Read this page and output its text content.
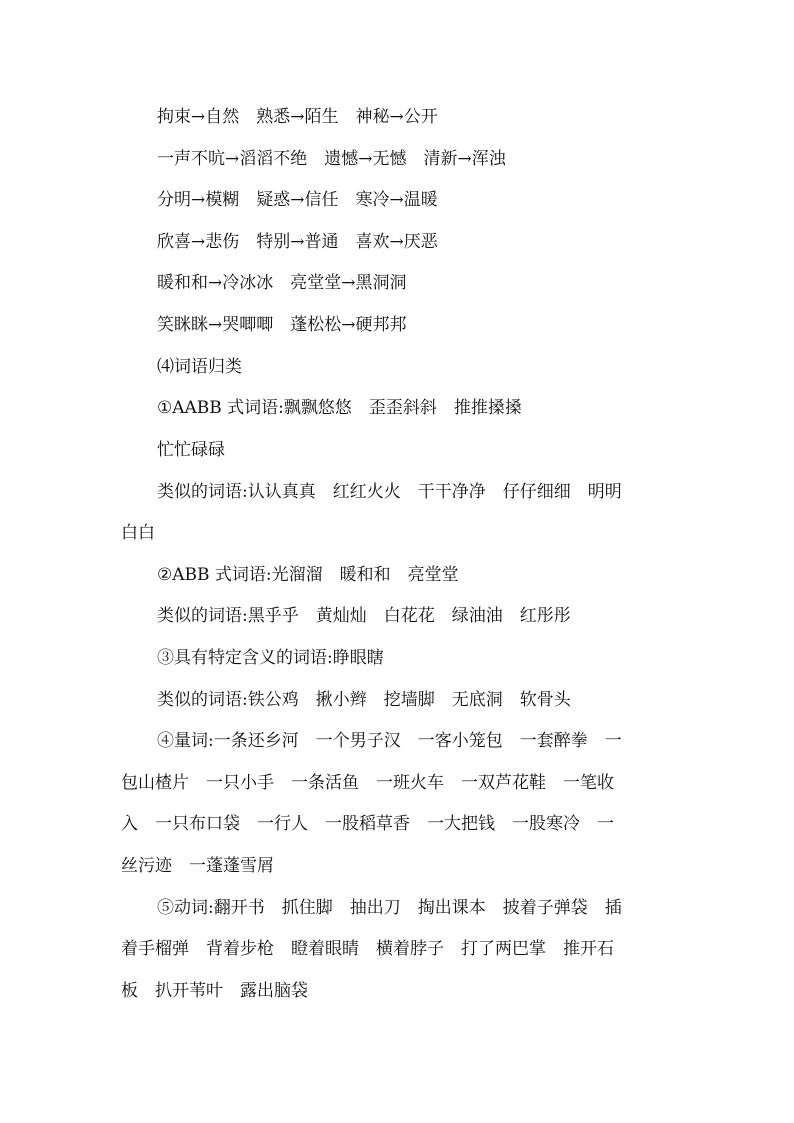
拘束→自然　熟悉→陌生　神秘→公开
一声不吭→滔滔不绝　遗憾→无憾　清新→浑浊
分明→模糊　疑惑→信任　寒冷→温暖
欣喜→悲伤　特别→普通　喜欢→厌恶
暖和和→冷冰冰　亮堂堂→黑洞洞
笑眯眯→哭唧唧　蓬松松→硬邦邦
⑷词语归类
①AABB 式词语:飘飘悠悠　歪歪斜斜　推推搡搡
忙忙碌碌
类似的词语:认认真真　红红火火　干干净净　仔仔细细　明明
白白
②ABB 式词语:光溜溜　暖和和　亮堂堂
类似的词语:黑乎乎　黄灿灿　白花花　绿油油　红彤彤
③具有特定含义的词语:睁眼瞎
类似的词语:铁公鸡　揪小辫　挖墙脚　无底洞　软骨头
④量词:一条还乡河　一个男子汉　一客小笼包　一套醉拳　一
包山楂片　一只小手　一条活鱼　一班火车　一双芦花鞋　一笔收
入　一只布口袋　一行人　一股稻草香　一大把钱　一股寒冷　一
丝污迹　一蓬蓬雪屑
⑤动词:翻开书　抓住脚　抽出刀　掏出课本　披着子弹袋　插
着手榴弹　背着步枪　瞪着眼睛　横着脖子　打了两巴掌　推开石
板　扒开苇叶　露出脑袋
